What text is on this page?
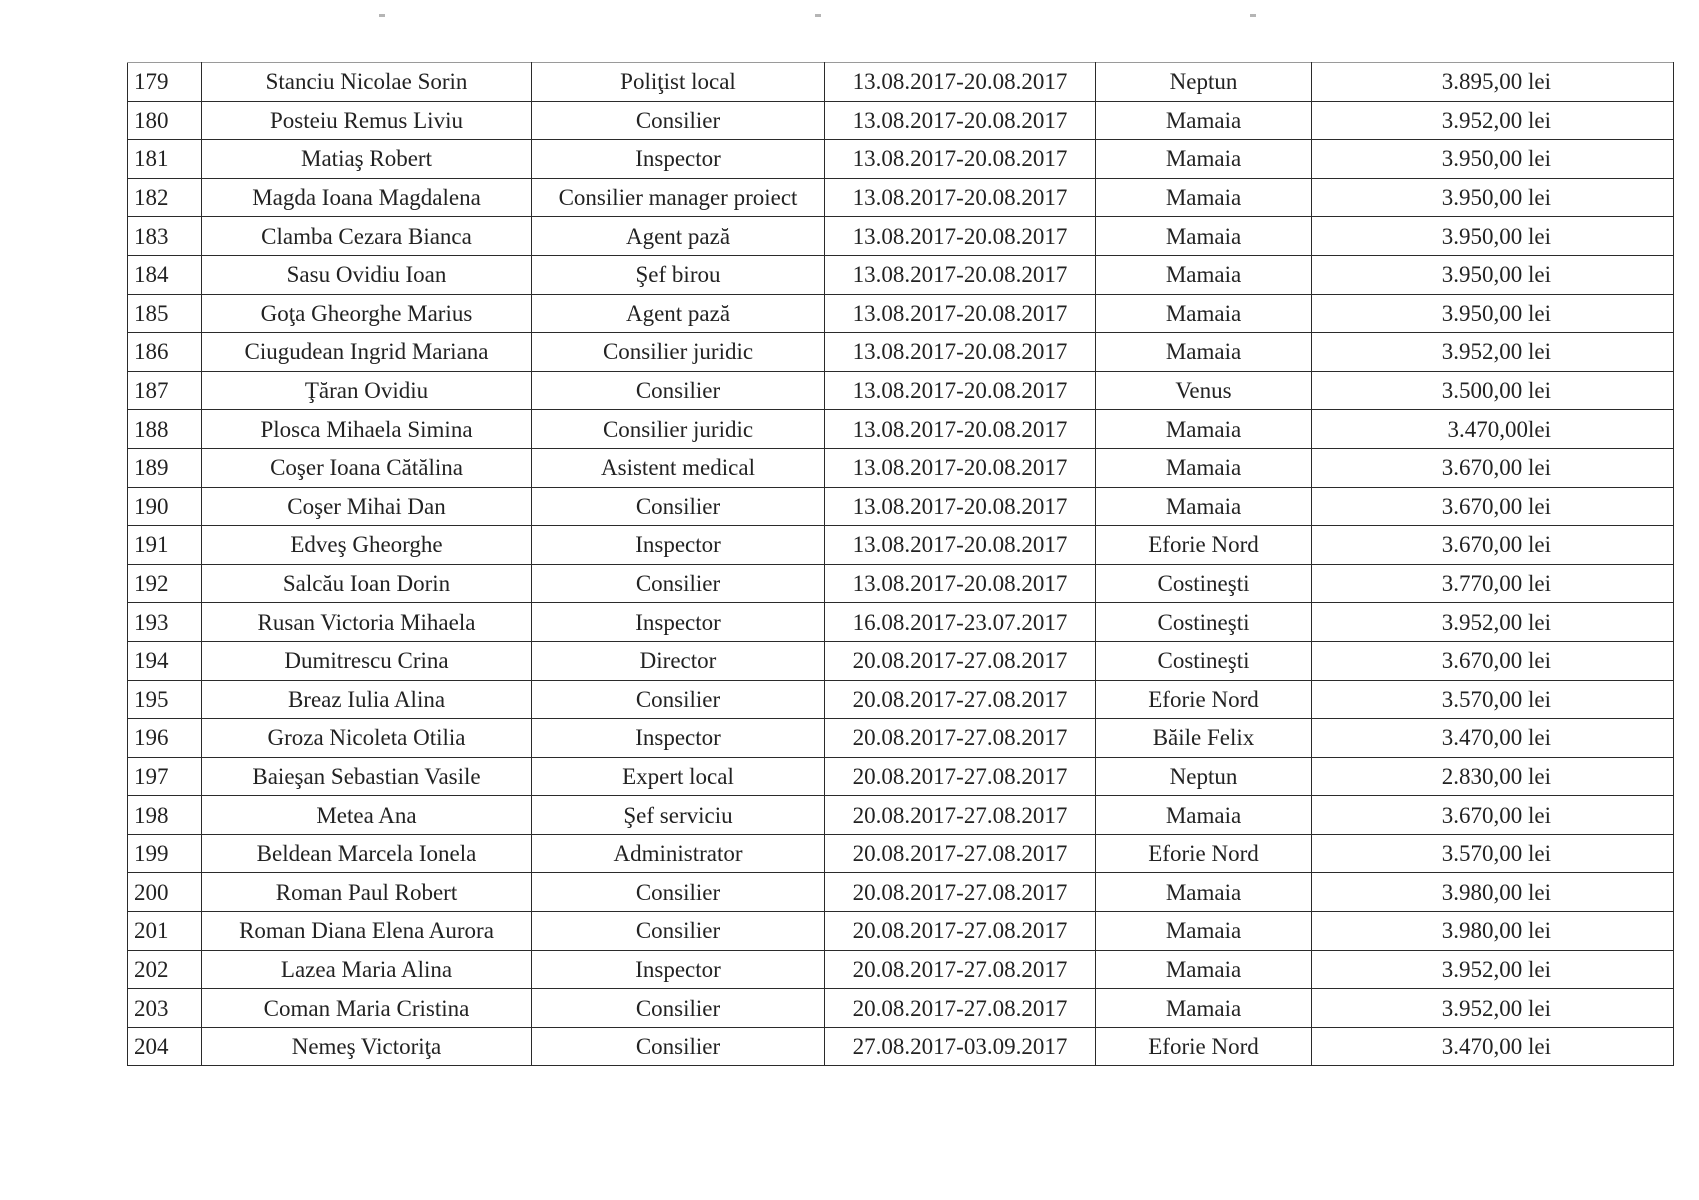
179	Stanciu Nicolae Sorin	Poliţist local	13.08.2017-20.08.2017	Neptun	3.895,00 lei
180	Posteiu Remus Liviu	Consilier	13.08.2017-20.08.2017	Mamaia	3.952,00 lei
181	Matiaş Robert	Inspector	13.08.2017-20.08.2017	Mamaia	3.950,00 lei
182	Magda Ioana Magdalena	Consilier manager proiect	13.08.2017-20.08.2017	Mamaia	3.950,00 lei
183	Clamba Cezara Bianca	Agent pază	13.08.2017-20.08.2017	Mamaia	3.950,00 lei
184	Sasu Ovidiu Ioan	Şef birou	13.08.2017-20.08.2017	Mamaia	3.950,00 lei
185	Goţa Gheorghe Marius	Agent pază	13.08.2017-20.08.2017	Mamaia	3.950,00 lei
186	Ciugudean Ingrid Mariana	Consilier juridic	13.08.2017-20.08.2017	Mamaia	3.952,00 lei
187	Ţăran Ovidiu	Consilier	13.08.2017-20.08.2017	Venus	3.500,00 lei
188	Plosca Mihaela Simina	Consilier juridic	13.08.2017-20.08.2017	Mamaia	3.470,00lei
189	Coşer Ioana Cătălina	Asistent medical	13.08.2017-20.08.2017	Mamaia	3.670,00 lei
190	Coşer Mihai Dan	Consilier	13.08.2017-20.08.2017	Mamaia	3.670,00 lei
191	Edveş Gheorghe	Inspector	13.08.2017-20.08.2017	Eforie Nord	3.670,00 lei
192	Salcău Ioan Dorin	Consilier	13.08.2017-20.08.2017	Costineşti	3.770,00 lei
193	Rusan Victoria Mihaela	Inspector	16.08.2017-23.07.2017	Costineşti	3.952,00 lei
194	Dumitrescu Crina	Director	20.08.2017-27.08.2017	Costineşti	3.670,00 lei
195	Breaz Iulia Alina	Consilier	20.08.2017-27.08.2017	Eforie Nord	3.570,00 lei
196	Groza Nicoleta Otilia	Inspector	20.08.2017-27.08.2017	Băile Felix	3.470,00 lei
197	Baieşan Sebastian Vasile	Expert local	20.08.2017-27.08.2017	Neptun	2.830,00 lei
198	Metea Ana	Şef serviciu	20.08.2017-27.08.2017	Mamaia	3.670,00 lei
199	Beldean Marcela Ionela	Administrator	20.08.2017-27.08.2017	Eforie Nord	3.570,00 lei
200	Roman Paul Robert	Consilier	20.08.2017-27.08.2017	Mamaia	3.980,00 lei
201	Roman Diana Elena Aurora	Consilier	20.08.2017-27.08.2017	Mamaia	3.980,00 lei
202	Lazea Maria Alina	Inspector	20.08.2017-27.08.2017	Mamaia	3.952,00 lei
203	Coman Maria Cristina	Consilier	20.08.2017-27.08.2017	Mamaia	3.952,00 lei
204	Nemeş Victoriţa	Consilier	27.08.2017-03.09.2017	Eforie Nord	3.470,00 lei
